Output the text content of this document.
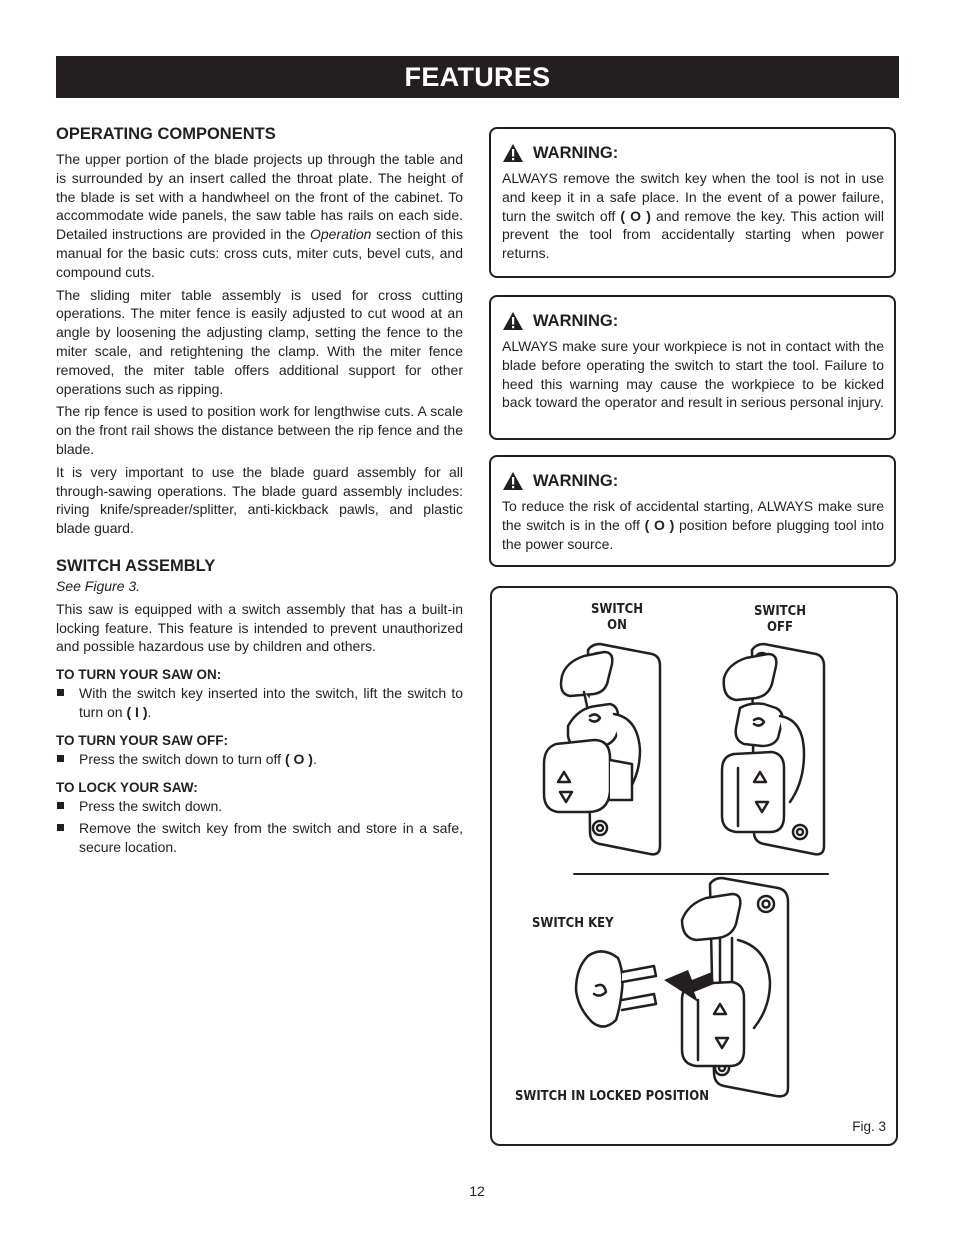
FEATURES
OPERATING COMPONENTS

The upper portion of the blade projects up through the table and is surrounded by an insert called the throat plate. The height of the blade is set with a handwheel on the front of the cabinet. To accommodate wide panels, the saw table has rails on each side. Detailed instructions are provided in the Operation section of this manual for the basic cuts: cross cuts, miter cuts, bevel cuts, and compound cuts.

The sliding miter table assembly is used for cross cutting operations. The miter fence is easily adjusted to cut wood at an angle by loosening the adjusting clamp, setting the fence to the miter scale, and retightening the clamp. With the miter fence removed, the miter table offers additional support for other operations such as ripping.

The rip fence is used to position work for lengthwise cuts. A scale on the front rail shows the distance between the rip fence and the blade.

It is very important to use the blade guard assembly for all through-sawing operations. The blade guard assembly includes: riving knife/spreader/splitter, anti-kickback pawls, and plastic blade guard.

SWITCH ASSEMBLY

See Figure 3.

This saw is equipped with a switch assembly that has a built-in locking feature. This feature is intended to prevent unauthorized and possible hazardous use by children and others.

TO TURN YOUR SAW ON:
With the switch key inserted into the switch, lift the switch to turn on ( I ).
TO TURN YOUR SAW OFF:
Press the switch down to turn off ( O ).
TO LOCK YOUR SAW:
Press the switch down.
Remove the switch key from the switch and store in a safe, secure location.
WARNING:

ALWAYS remove the switch key when the tool is not in use and keep it in a safe place. In the event of a power failure, turn the switch off ( O ) and remove the key. This action will prevent the tool from accidentally starting when power returns.

WARNING:

ALWAYS make sure your workpiece is not in contact with the blade before operating the switch to start the tool. Failure to heed this warning may cause the workpiece to be kicked back toward the operator and result in serious personal injury.

WARNING:

To reduce the risk of accidental starting, ALWAYS make sure the switch is in the off ( O ) position before plugging tool into the power source.

SWITCH
ON
SWITCH
OFF
SWITCH KEY
SWITCH IN LOCKED POSITION
Fig. 3
12
